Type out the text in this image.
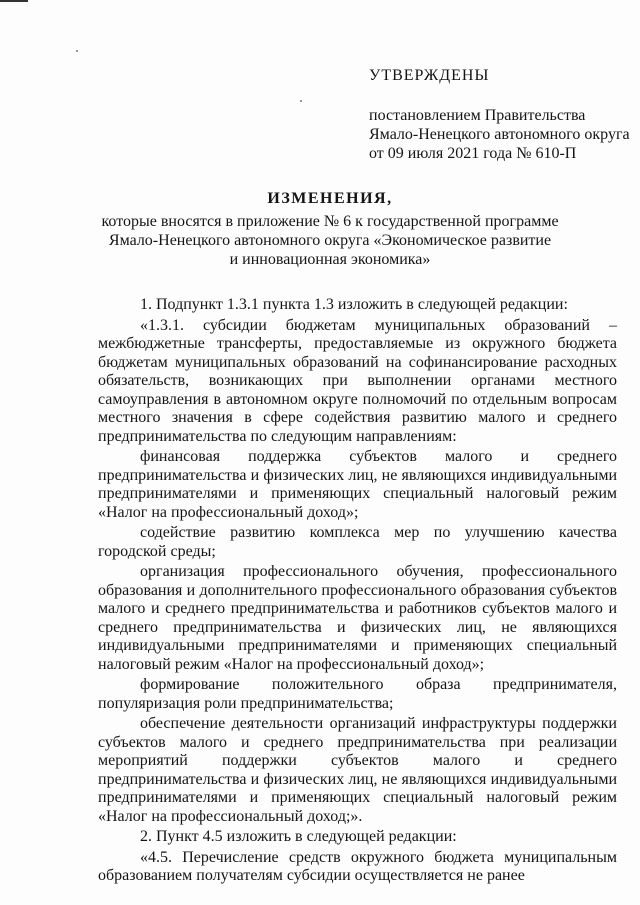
УТВЕРЖДЕНЫ
постановлением Правительства
Ямало-Ненецкого автономного округа
от 09 июля 2021 года № 610-П
ИЗМЕНЕНИЯ,
которые вносятся в приложение № 6 к государственной программе
Ямало-Ненецкого автономного округа «Экономическое развитие
и инновационная экономика»

1. Подпункт 1.3.1 пункта 1.3 изложить в следующей редакции:

«1.3.1. субсидии бюджетам муниципальных образований – межбюджетные трансферты, предоставляемые из окружного бюджета бюджетам муниципальных образований на софинансирование расходных обязательств, возникающих при выполнении органами местного самоуправления в автономном округе полномочий по отдельным вопросам местного значения в сфере содействия развитию малого и среднего предпринимательства по следующим направлениям:

финансовая поддержка субъектов малого и среднего предпринимательства и физических лиц, не являющихся индивидуальными предпринимателями и применяющих специальный налоговый режим «Налог на профессиональный доход»;

содействие развитию комплекса мер по улучшению качества городской среды;

организация профессионального обучения, профессионального образования и дополнительного профессионального образования субъектов малого и среднего предпринимательства и работников субъектов малого и среднего предпринимательства и физических лиц, не являющихся индивидуальными предпринимателями и применяющих специальный налоговый режим «Налог на профессиональный доход»;

формирование положительного образа предпринимателя, популяризация роли предпринимательства;

обеспечение деятельности организаций инфраструктуры поддержки субъектов малого и среднего предпринимательства при реализации мероприятий поддержки субъектов малого и среднего предпринимательства и физических лиц, не являющихся индивидуальными предпринимателями и применяющих специальный налоговый режим «Налог на профессиональный доход;».

2. Пункт 4.5 изложить в следующей редакции:

«4.5. Перечисление средств окружного бюджета муниципальным образованием получателям субсидии осуществляется не ранее
